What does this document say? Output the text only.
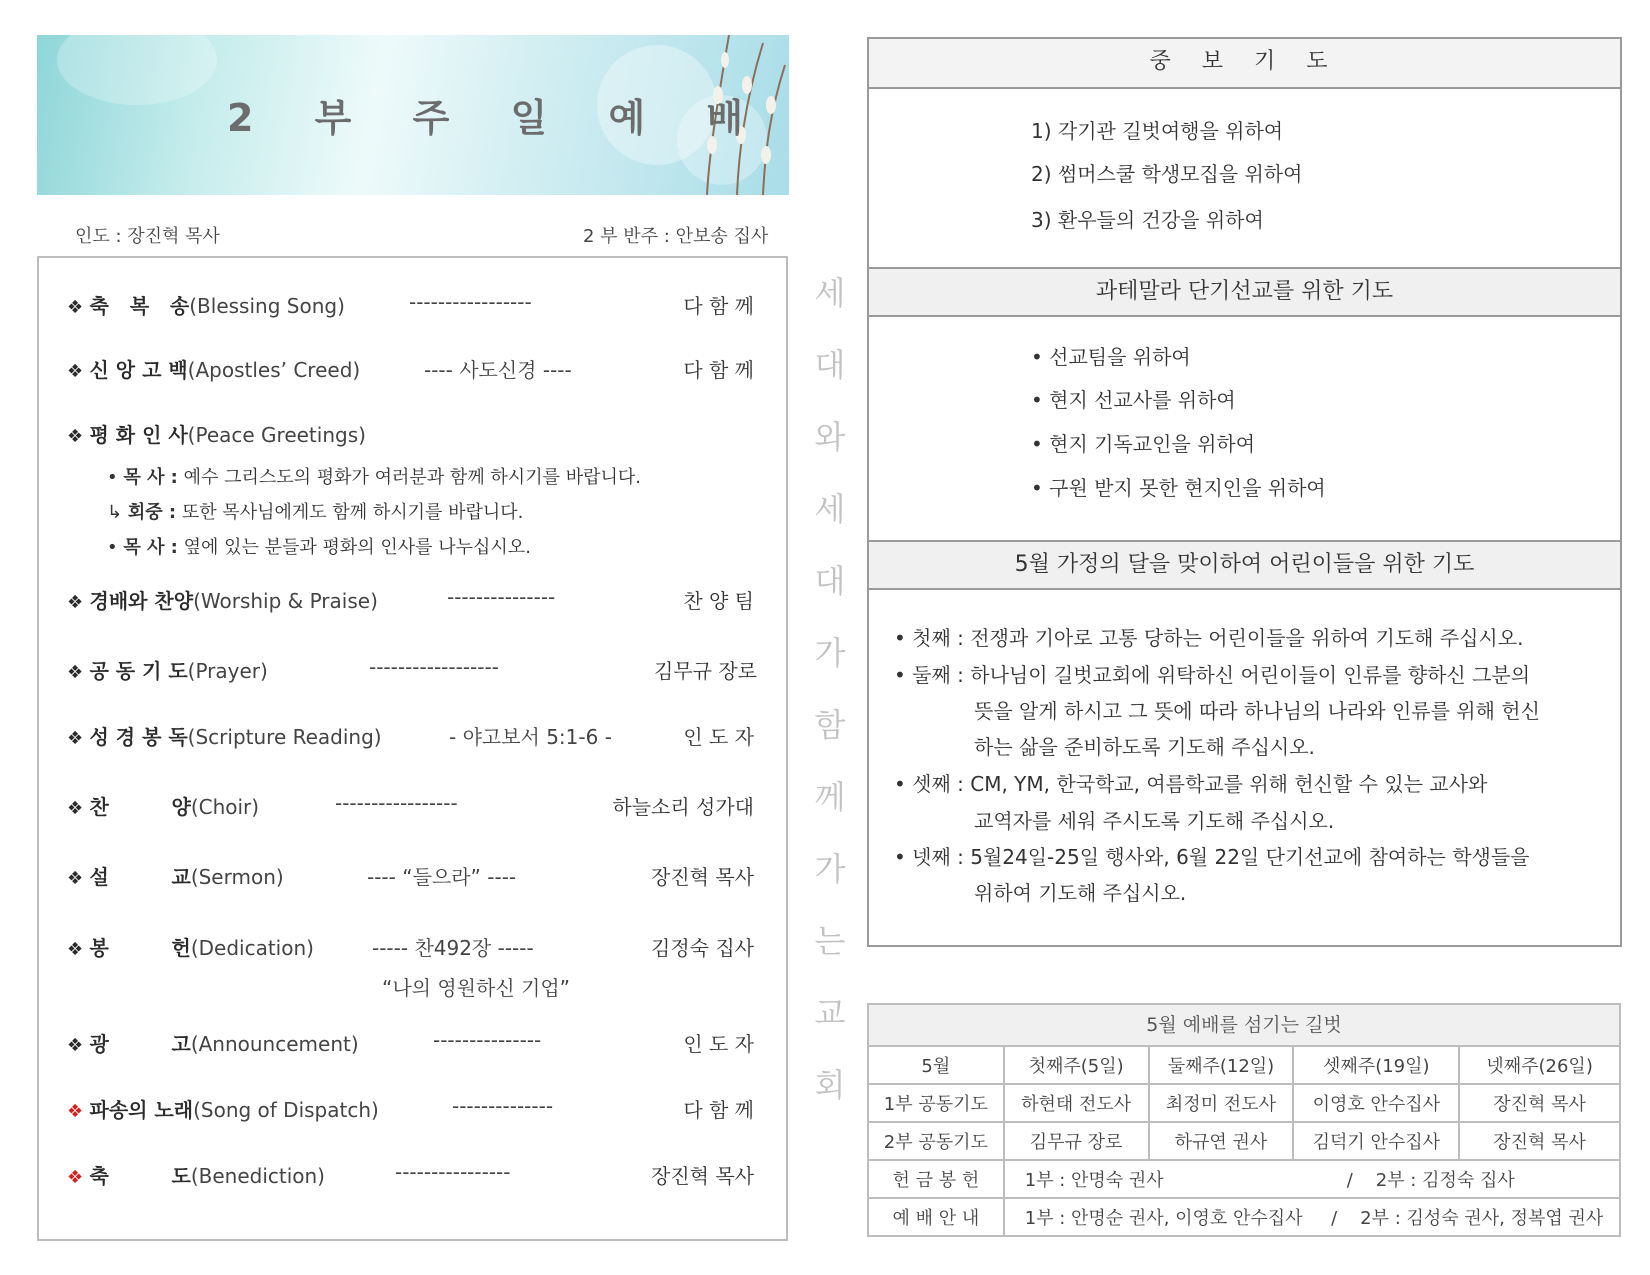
2 부 주 일 예 배
인도 : 장진혁 목사	2 부 반주 : 안보송 집사
❖ 축   복   송(Blessing Song)	-----------------	다 함 께
❖ 신 앙 고 백(Apostles’ Creed)	---- 사도신경 ----	다 함 께
❖ 평 화 인 사(Peace Greetings)
• 목 사 : 예수 그리스도의 평화가 여러분과 함께 하시기를 바랍니다.
↳ 회중 : 또한 목사님에게도 함께 하시기를 바랍니다.
• 목 사 : 옆에 있는 분들과 평화의 인사를 나누십시오.
❖ 경배와 찬양(Worship & Praise)	---------------	찬 양 팀
❖ 공 동 기 도(Prayer)	------------------	김무규 장로
❖ 성 경 봉 독(Scripture Reading)	- 야고보서 5:1-6 -	인 도 자
❖ 찬         양(Choir)	-----------------	하늘소리 성가대
❖ 설         교(Sermon)	---- “들으라” ----	장진혁 목사
❖ 봉         헌(Dedication)	----- 찬492장 -----	김정숙 집사
“나의 영원하신 기업”
❖ 광         고(Announcement)	---------------	인 도 자
❖ 파송의 노래(Song of Dispatch)	--------------	다 함 께
❖ 축         도(Benediction)	----------------	장진혁 목사
세
대
와
세
대
가
함
께
가
는
교
회
중 보 기 도
1) 각기관 길벗여행을 위하여
2) 썸머스쿨 학생모집을 위하여
3) 환우들의 건강을 위하여
과테말라 단기선교를 위한 기도
• 선교팀을 위하여
• 현지 선교사를 위하여
• 현지 기독교인을 위하여
• 구원 받지 못한 현지인을 위하여
5월 가정의 달을 맞이하여 어린이들을 위한 기도
• 첫째 : 전쟁과 기아로 고통 당하는 어린이들을 위하여 기도해 주십시오.
• 둘째 : 하나님이 길벗교회에 위탁하신 어린이들이 인류를 향하신 그분의
뜻을 알게 하시고 그 뜻에 따라 하나님의 나라와 인류를 위해 헌신
하는 삶을 준비하도록 기도해 주십시오.
• 셋째 : CM, YM, 한국학교, 여름학교를 위해 헌신할 수 있는 교사와
교역자를 세워 주시도록 기도해 주십시오.
• 넷째 : 5월24일-25일 행사와, 6월 22일 단기선교에 참여하는 학생들을
위하여 기도해 주십시오.
5월 예배를 섬기는 길벗
5월	첫째주(5일)	둘째주(12일)	셋째주(19일)	넷째주(26일)
1부 공동기도	하현태 전도사	최정미 전도사	이영호 안수집사	장진혁 목사
2부 공동기도	김무규 장로	하규연 권사	김덕기 안수집사	장진혁 목사
헌 금 봉 헌	1부 : 안명숙 권사                                /    2부 : 김정숙 집사			
예 배 안 내	1부 : 안명순 권사, 이영호 안수집사     /    2부 : 김성숙 권사, 정복엽 권사			
